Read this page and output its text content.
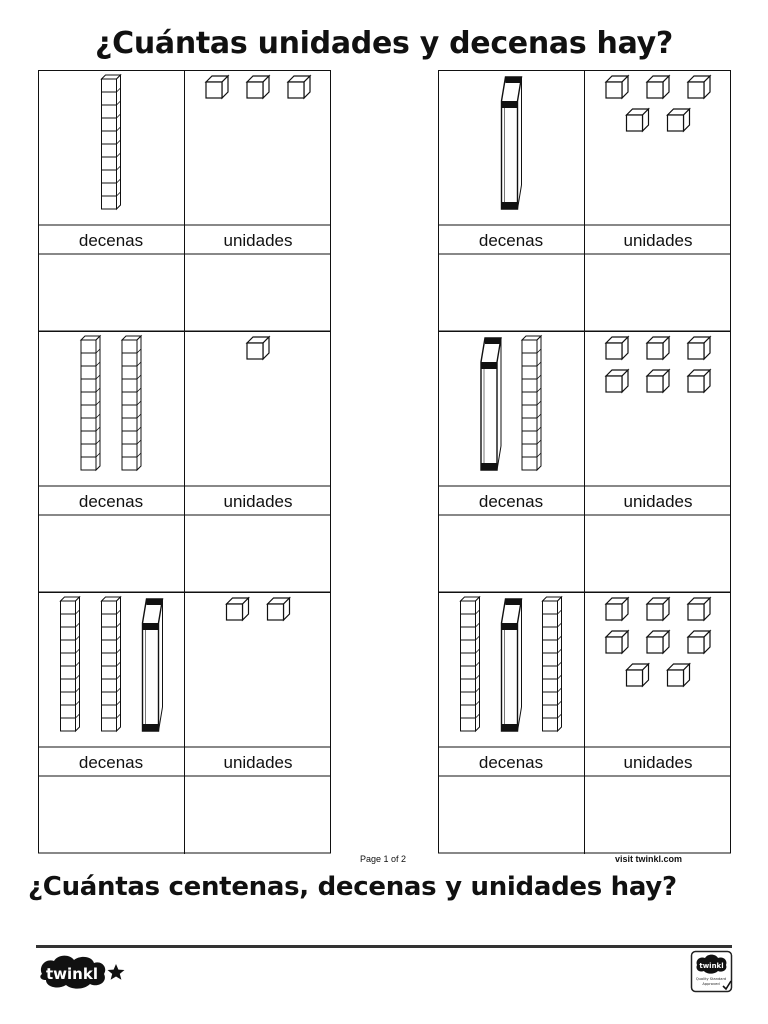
¿Cuántas unidades y decenas hay?
decenas	unidades	decenas	unidades
decenas	unidades	decenas	unidades
decenas	unidades	decenas	unidades
Page 1 of 2	visit twinkl.com
¿Cuántas centenas, decenas y unidades hay?
twinkl	twinkl
Quality Standard
Approved
